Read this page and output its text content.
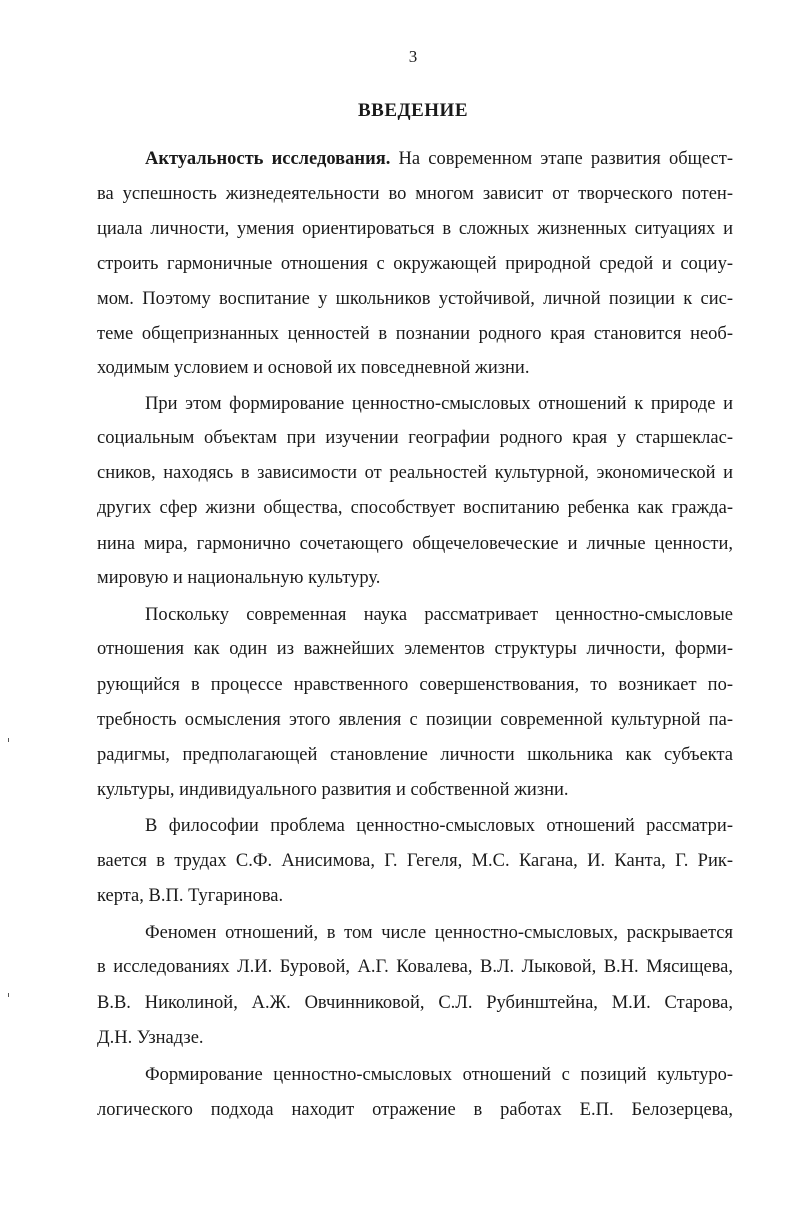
3
ВВЕДЕНИЕ
Актуальность исследования. На современном этапе развития общест-
ва успешность жизнедеятельности во многом зависит от творческого потен-
циала личности, умения ориентироваться в сложных жизненных ситуациях и
строить гармоничные отношения с окружающей природной средой и социу-
мом. Поэтому воспитание у школьников устойчивой, личной позиции к сис-
теме общепризнанных ценностей в познании родного края становится необ-
ходимым условием и основой их повседневной жизни.
При этом формирование ценностно-смысловых отношений к природе и
социальным объектам при изучении географии родного края у старшеклас-
сников, находясь в зависимости от реальностей культурной, экономической и
других сфер жизни общества, способствует воспитанию ребенка как гражда-
нина мира, гармонично сочетающего общечеловеческие и личные ценности,
мировую и национальную культуру.
Поскольку современная наука рассматривает ценностно-смысловые
отношения как один из важнейших элементов структуры личности, форми-
рующийся в процессе нравственного совершенствования, то возникает по-
требность осмысления этого явления с позиции современной культурной па-
радигмы, предполагающей становление личности школьника как субъекта
культуры, индивидуального развития и собственной жизни.
В философии проблема ценностно-смысловых отношений рассматри-
вается в трудах С.Ф. Анисимова, Г. Гегеля, М.С. Кагана, И. Канта, Г. Рик-
керта, В.П. Тугаринова.
Феномен отношений, в том числе ценностно-смысловых, раскрывается
в исследованиях Л.И. Буровой, А.Г. Ковалева, В.Л. Лыковой, В.Н. Мясищева,
В.В. Николиной, А.Ж. Овчинниковой, С.Л. Рубинштейна, М.И. Старова,
Д.Н. Узнадзе.
Формирование ценностно-смысловых отношений с позиций культуро-
логического подхода находит отражение в работах Е.П. Белозерцева,
